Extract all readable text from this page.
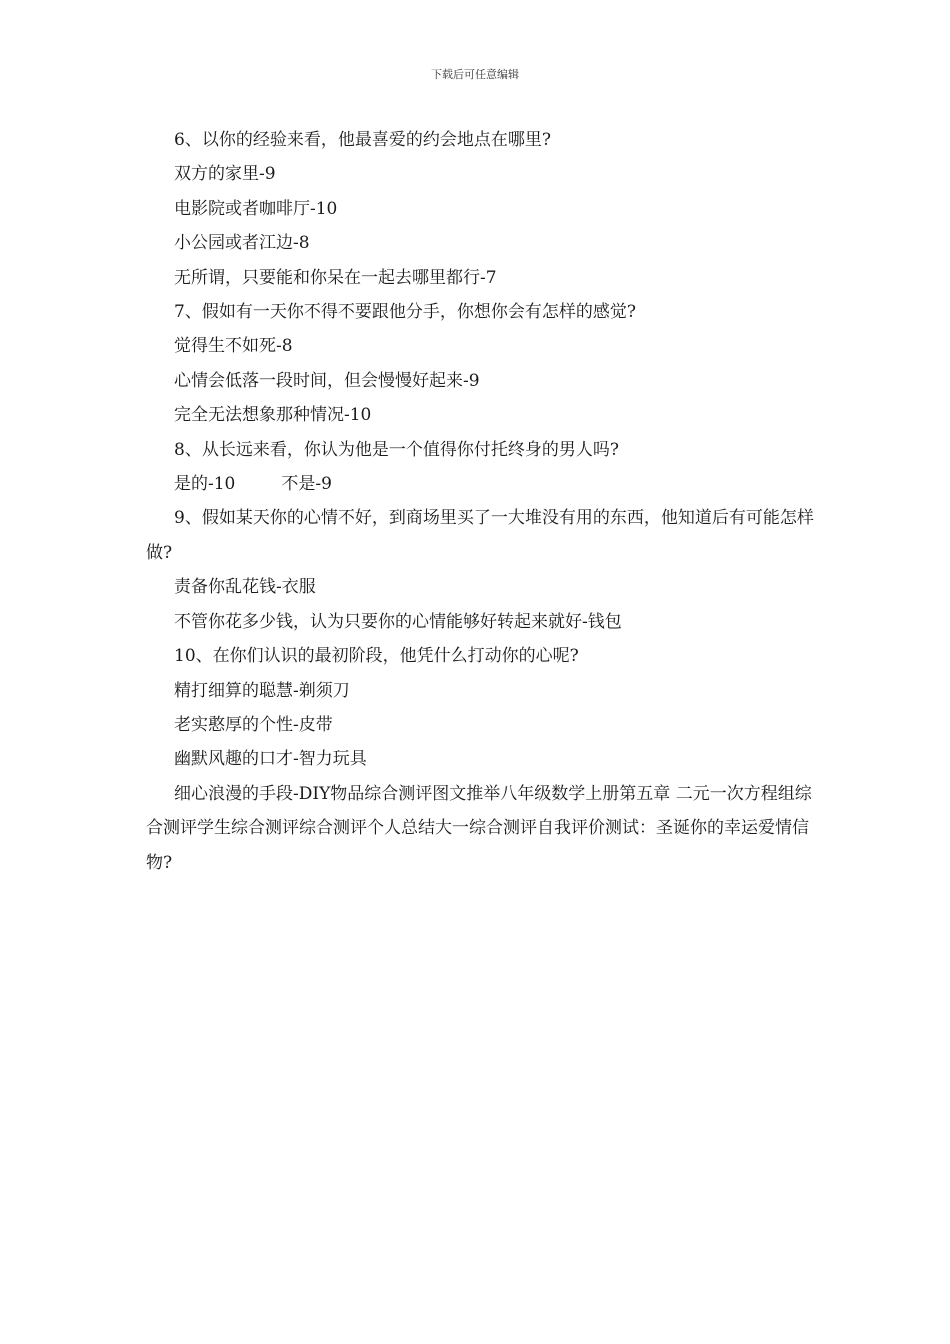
下载后可任意编辑
6、以你的经验来看，他最喜爱的约会地点在哪里?
双方的家里-9
电影院或者咖啡厅-10
小公园或者江边-8
无所谓，只要能和你呆在一起去哪里都行-7
7、假如有一天你不得不要跟他分手，你想你会有怎样的感觉?
觉得生不如死-8
心情会低落一段时间，但会慢慢好起来-9
完全无法想象那种情况-10
8、从长远来看，你认为他是一个值得你付托终身的男人吗?
是的-10	不是-9
9、假如某天你的心情不好，到商场里买了一大堆没有用的东西，他知道后有可能怎样做?
责备你乱花钱-衣服
不管你花多少钱，认为只要你的心情能够好转起来就好-钱包
10、在你们认识的最初阶段，他凭什么打动你的心呢?
精打细算的聪慧-剃须刀
老实憨厚的个性-皮带
幽默风趣的口才-智力玩具
细心浪漫的手段-DIY物品综合测评图文推举八年级数学上册第五章 二元一次方程组综合测评学生综合测评综合测评个人总结大一综合测评自我评价测试：圣诞你的幸运爱情信物?
